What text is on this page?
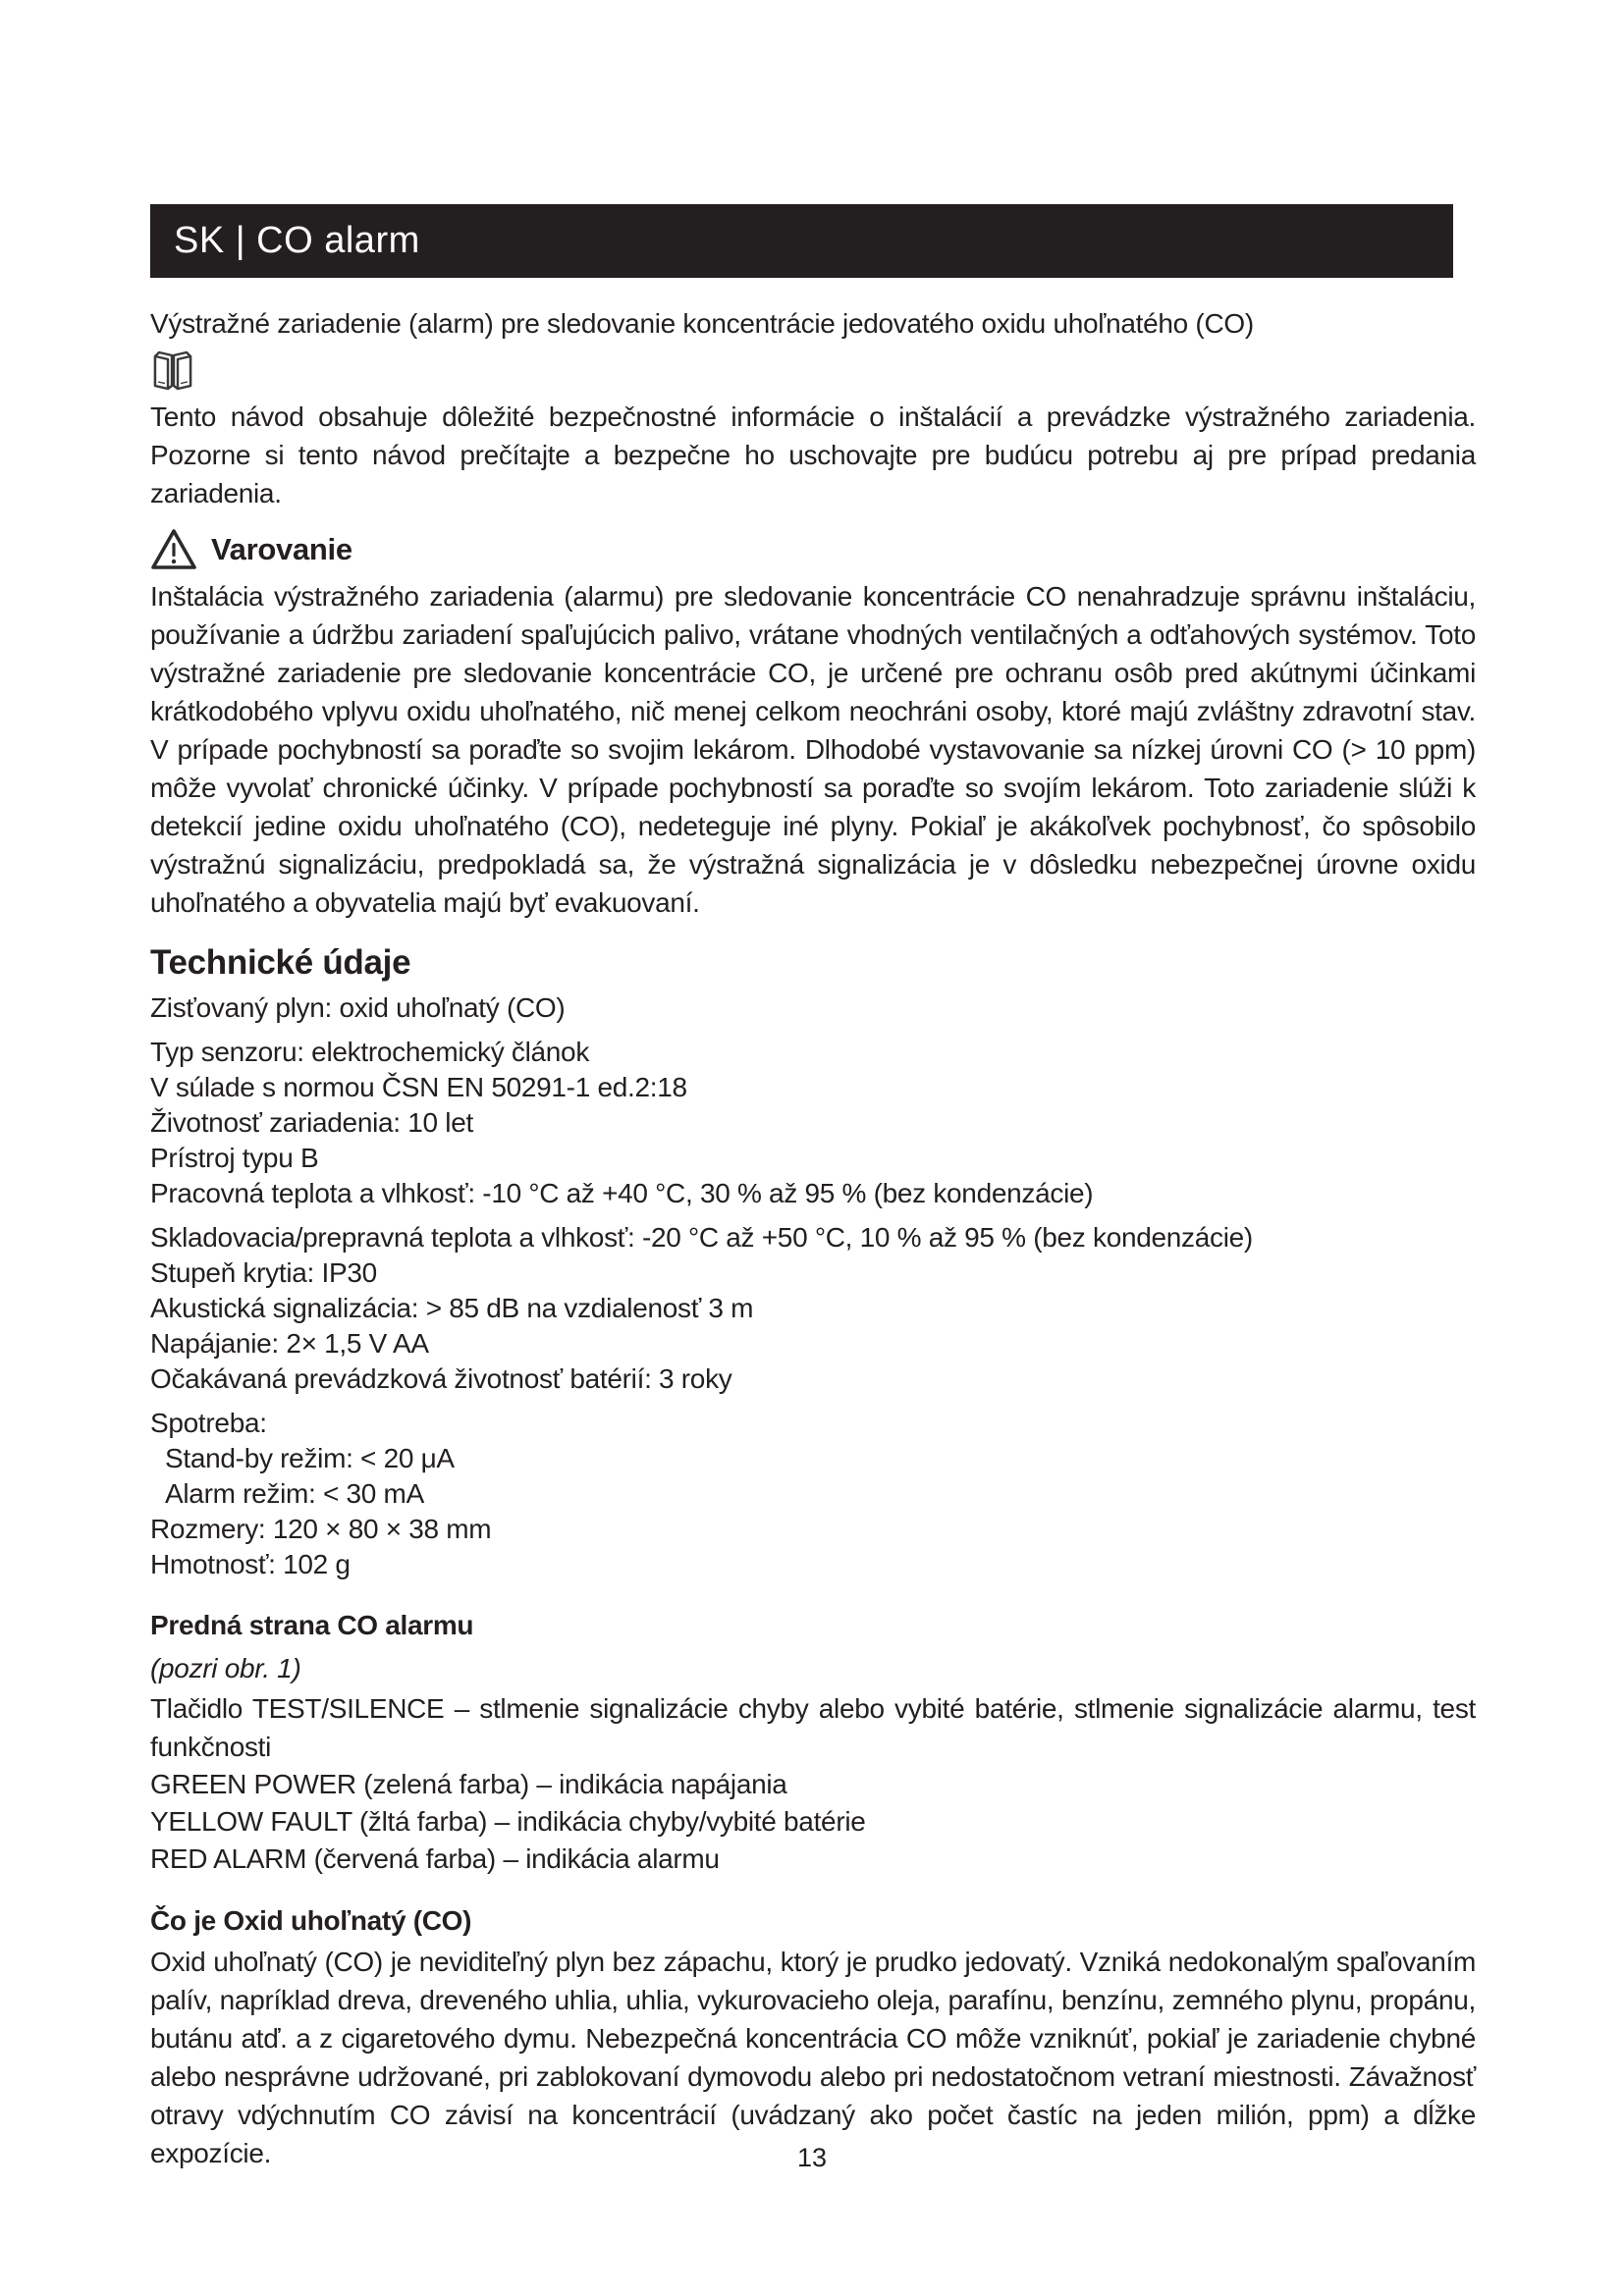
SK | CO alarm
Výstražné zariadenie (alarm) pre sledovanie koncentrácie jedovatého oxidu uhoľnatého (CO)
Tento návod obsahuje dôležité bezpečnostné informácie o inštalácií a prevádzke výstražného zariadenia. Pozorne si tento návod prečítajte a bezpečne ho uschovajte pre budúcu potrebu aj pre prípad predania zariadenia.
Varovanie
Inštalácia výstražného zariadenia (alarmu) pre sledovanie koncentrácie CO nenahradzuje správnu inštaláciu, používanie a údržbu zariadení spaľujúcich palivo, vrátane vhodných ventilačných a odťahových systémov. Toto výstražné zariadenie pre sledovanie koncentrácie CO, je určené pre ochranu osôb pred akútnymi účinkami krátkodobého vplyvu oxidu uhoľnatého, nič menej celkom neochráni osoby, ktoré majú zvláštny zdravotní stav. V prípade pochybností sa poraďte so svojim lekárom. Dlhodobé vystavovanie sa nízkej úrovni CO (> 10 ppm) môže vyvolať chronické účinky. V prípade pochybností sa poraďte so svojím lekárom. Toto zariadenie slúži k detekcií jedine oxidu uhoľnatého (CO), nedeteguje iné plyny. Pokiaľ je akákoľvek pochybnosť, čo spôsobilo výstražnú signalizáciu, predpokladá sa, že výstražná signalizácia je v dôsledku nebezpečnej úrovne oxidu uhoľnatého a obyvatelia majú byť evakuovaní.
Technické údaje
Zisťovaný plyn: oxid uhoľnatý (CO)
Typ senzoru: elektrochemický článok
V súlade s normou ČSN EN 50291-1 ed.2:18
Životnosť zariadenia: 10 let
Prístroj typu B
Pracovná teplota a vlhkosť: -10 °C až +40 °C, 30 % až 95 % (bez kondenzácie)
Skladovacia/prepravná teplota a vlhkosť: -20 °C až +50 °C, 10 % až 95 % (bez kondenzácie)
Stupeň krytia: IP30
Akustická signalizácia: > 85 dB na vzdialenosť 3 m
Napájanie: 2× 1,5 V AA
Očakávaná prevádzková životnosť batérií: 3 roky
Spotreba:
Stand-by režim: < 20 μA
Alarm režim: < 30 mA
Rozmery: 120 × 80 × 38 mm
Hmotnosť: 102 g
Predná strana CO alarmu
(pozri obr. 1)
Tlačidlo TEST/SILENCE – stlmenie signalizácie chyby alebo vybité batérie, stlmenie signalizácie alarmu, test funkčnosti
GREEN POWER (zelená farba) – indikácia napájania
YELLOW FAULT (žltá farba) – indikácia chyby/vybité batérie
RED ALARM (červená farba) – indikácia alarmu
Čo je Oxid uhoľnatý (CO)
Oxid uhoľnatý (CO) je neviditeľný plyn bez zápachu, ktorý je prudko jedovatý. Vzniká nedokonalým spaľovaním palív, napríklad dreva, dreveného uhlia, uhlia, vykurovacieho oleja, parafínu, benzínu, zemného plynu, propánu, butánu atď. a z cigaretového dymu. Nebezpečná koncentrácia CO môže vzniknúť, pokiaľ je zariadenie chybné alebo nesprávne udržované, pri zablokovaní dymovodu alebo pri nedostatočnom vetraní miestnosti. Závažnosť otravy vdýchnutím CO závisí na koncentrácií (uvádzaný ako počet častíc na jeden milión, ppm) a dĺžke expozície.	13
